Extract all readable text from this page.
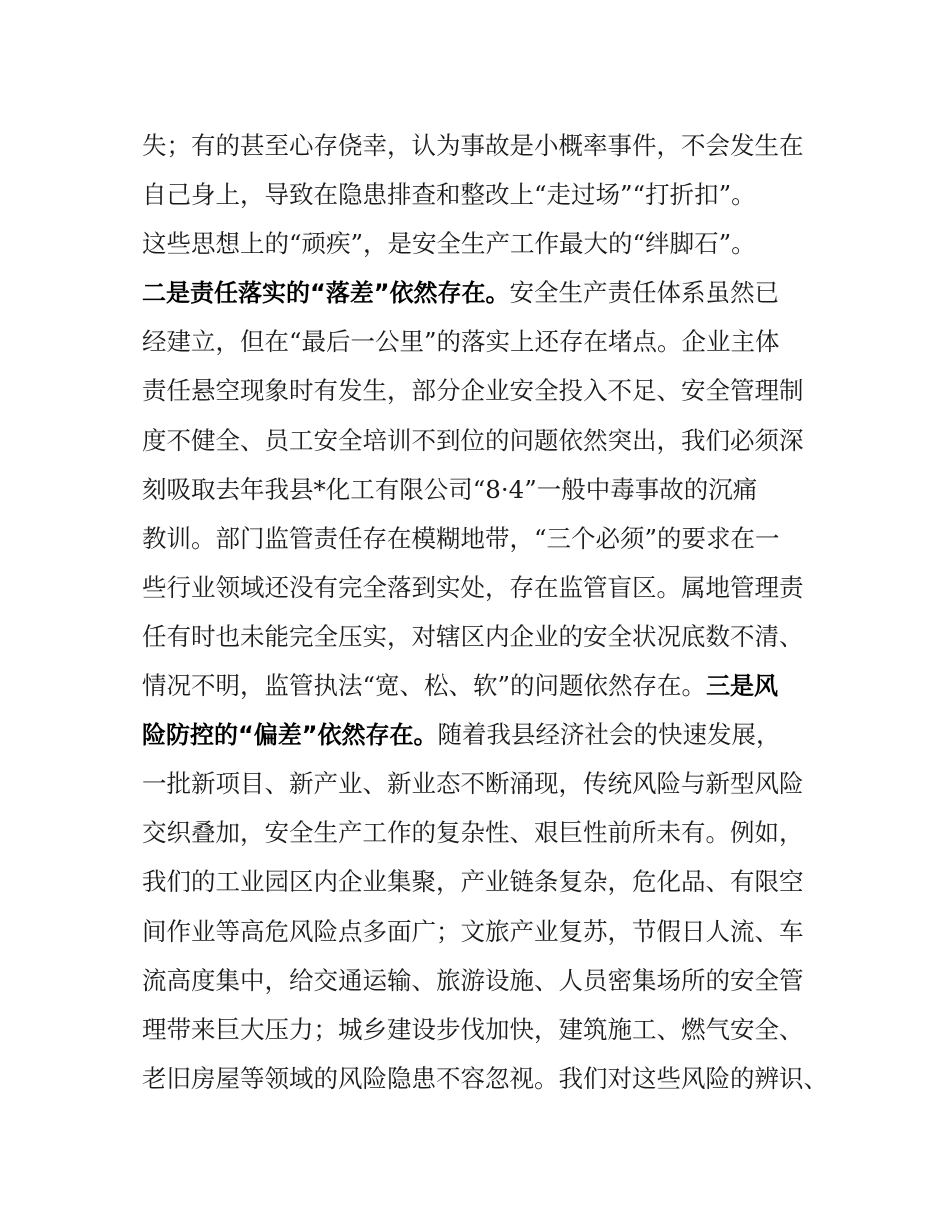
失；有的甚至心存侥幸，认为事故是小概率事件，不会发生在
自己身上，导致在隐患排查和整改上“走过场”“打折扣”。
这些思想上的“顽疾”，是安全生产工作最大的“绊脚石”。
二是责任落实的“落差”依然存在。安全生产责任体系虽然已
经建立，但在“最后一公里”的落实上还存在堵点。企业主体
责任悬空现象时有发生，部分企业安全投入不足、安全管理制
度不健全、员工安全培训不到位的问题依然突出，我们必须深
刻吸取去年我县*化工有限公司“8·4”一般中毒事故的沉痛
教训。部门监管责任存在模糊地带，“三个必须”的要求在一
些行业领域还没有完全落到实处，存在监管盲区。属地管理责
任有时也未能完全压实，对辖区内企业的安全状况底数不清、
情况不明，监管执法“宽、松、软”的问题依然存在。三是风
险防控的“偏差”依然存在。随着我县经济社会的快速发展，
一批新项目、新产业、新业态不断涌现，传统风险与新型风险
交织叠加，安全生产工作的复杂性、艰巨性前所未有。例如，
我们的工业园区内企业集聚，产业链条复杂，危化品、有限空
间作业等高危风险点多面广；文旅产业复苏，节假日人流、车
流高度集中，给交通运输、旅游设施、人员密集场所的安全管
理带来巨大压力；城乡建设步伐加快，建筑施工、燃气安全、
老旧房屋等领域的风险隐患不容忽视。我们对这些风险的辨识、
